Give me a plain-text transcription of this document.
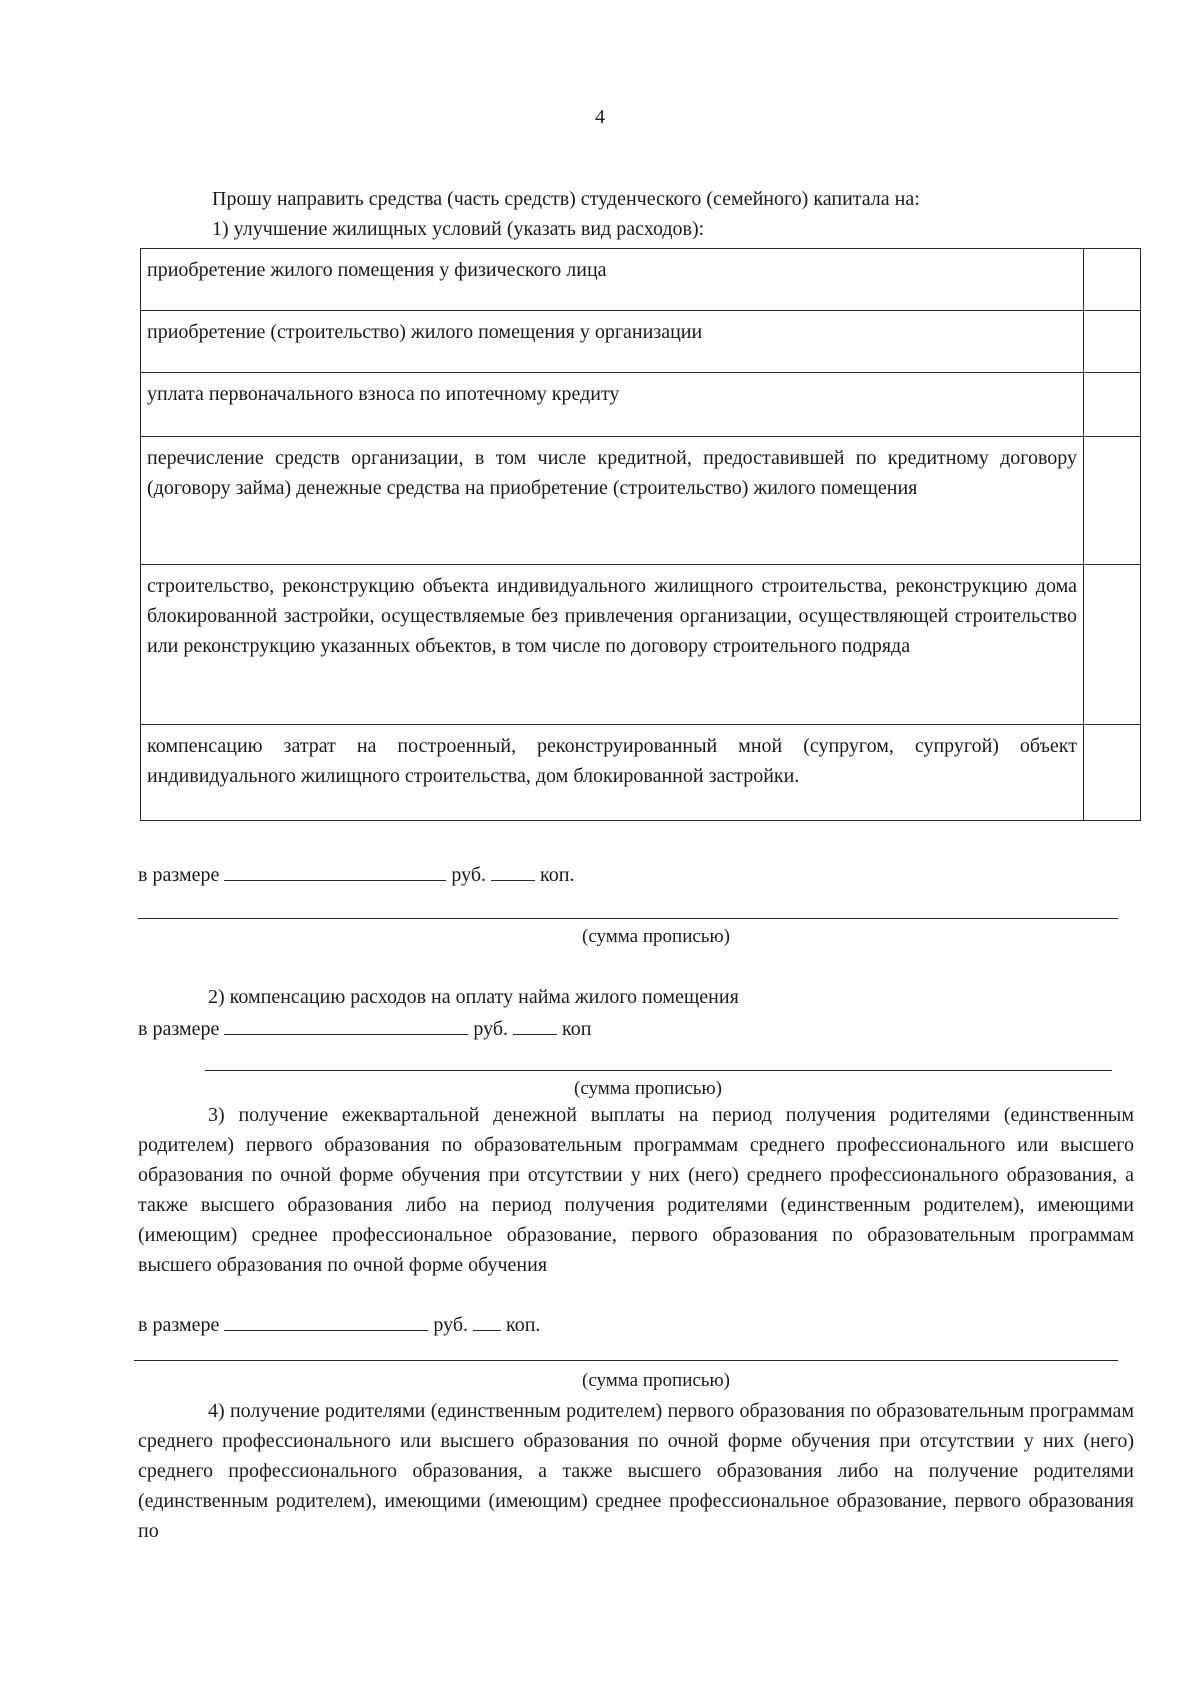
4
Прошу направить средства (часть средств) студенческого (семейного) капитала на:
1) улучшение жилищных условий (указать вид расходов):
приобретение жилого помещения у физического лица	
приобретение (строительство) жилого помещения у организации	
уплата первоначального взноса по ипотечному кредиту	
перечисление средств организации, в том числе кредитной, предоставившей по кредитному договору (договору займа) денежные средства на приобретение (строительство) жилого помещения	
строительство, реконструкцию объекта индивидуального жилищного строительства, реконструкцию дома блокированной застройки, осуществляемые без привлечения организации, осуществляющей строительство или реконструкцию указанных объектов, в том числе по договору строительного подряда	
компенсацию затрат на построенный, реконструированный мной (супругом, супругой) объект индивидуального жилищного строительства, дом блокированной застройки.	
в размере	руб.	коп.
(сумма прописью)
2) компенсацию расходов на оплату найма жилого помещения
в размере	руб.	коп
(сумма прописью)
3) получение ежеквартальной денежной выплаты на период получения родителями (единственным родителем) первого образования по образовательным программам среднего профессионального или высшего образования по очной форме обучения при отсутствии у них (него) среднего профессионального образования, а также высшего образования либо на период получения родителями (единственным родителем), имеющими (имеющим) среднее профессиональное образование, первого образования по образовательным программам высшего образования по очной форме обучения
в размере	руб. коп.
(сумма прописью)
4) получение родителями (единственным родителем) первого образования по образовательным программам среднего профессионального или высшего образования по очной форме обучения при отсутствии у них (него) среднего профессионального образования, а также высшего образования либо на получение родителями (единственным родителем), имеющими (имеющим) среднее профессиональное образование, первого образования по
